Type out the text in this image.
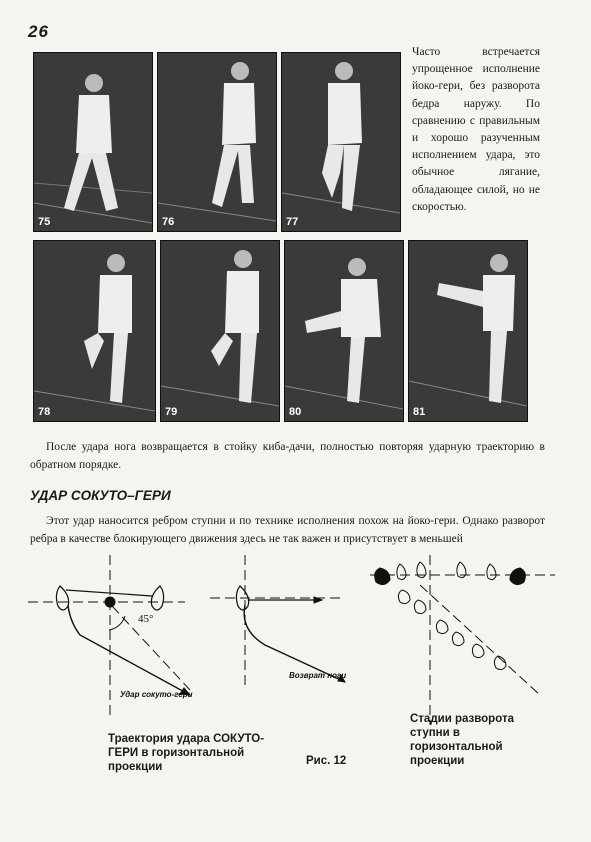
26
75	76	77
Часто встречается упрощенное исполнение йоко-гери, без разворота бедра наружу. По сравнению с правильным и хорошо разученным исполнением удара, это обычное лягание, обладающее силой, но не скоростью.
78	79	80	81
После удара нога возвращается в стойку киба-дачи, полностью повторяя ударную траекторию в обратном порядке.
УДАР СОКУТО–ГЕРИ
Этот удар наносится ребром ступни и по технике исполнения похож на йоко-гери. Однако разворот ребра в качестве блокирующего движения здесь не так важен и присутствует в меньшей
45°
Удар сокуто-гери
Возврат ноги
Траектория удара СОКУТО-ГЕРИ в горизонтальной проекции	Рис. 12
Стадии разворота ступни в горизонтальной проекции
